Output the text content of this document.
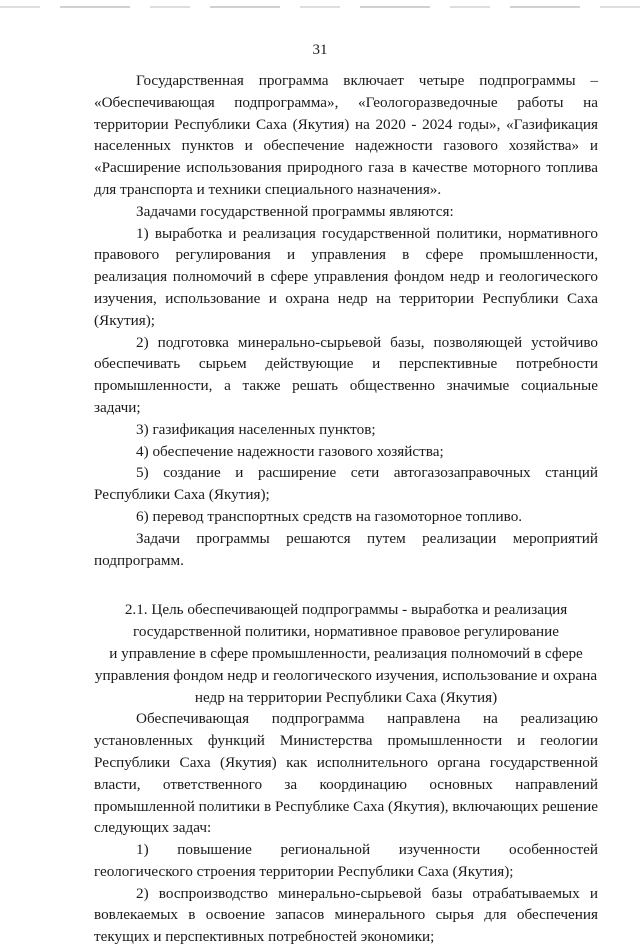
31

Государственная программа включает четыре подпрограммы – «Обеспечивающая подпрограмма», «Геологоразведочные работы на территории Республики Саха (Якутия) на 2020 - 2024 годы», «Газификация населенных пунктов и обеспечение надежности газового хозяйства» и «Расширение использования природного газа в качестве моторного топлива для транспорта и техники специального назначения».

Задачами государственной программы являются:

1) выработка и реализация государственной политики, нормативного правового регулирования и управления в сфере промышленности, реализация полномочий в сфере управления фондом недр и геологического изучения, использование и охрана недр на территории Республики Саха (Якутия);

2) подготовка минерально-сырьевой базы, позволяющей устойчиво обеспечивать сырьем действующие и перспективные потребности промышленности, а также решать общественно значимые социальные задачи;

3) газификация населенных пунктов;

4) обеспечение надежности газового хозяйства;

5) создание и расширение сети автогазозаправочных станций Республики Саха (Якутия);

6) перевод транспортных средств на газомоторное топливо.

Задачи программы решаются путем реализации мероприятий подпрограмм.

2.1. Цель обеспечивающей подпрограммы - выработка и реализация

государственной политики, нормативное правовое регулирование

и управление в сфере промышленности, реализация полномочий в сфере

управления фондом недр и геологического изучения, использование и охрана

недр на территории Республики Саха (Якутия)

Обеспечивающая подпрограмма направлена на реализацию установленных функций Министерства промышленности и геологии Республики Саха (Якутия) как исполнительного органа государственной власти, ответственного за координацию основных направлений промышленной политики в Республике Саха (Якутия), включающих решение следующих задач:

1) повышение региональной изученности особенностей геологического строения территории Республики Саха (Якутия);

2) воспроизводство минерально-сырьевой базы отрабатываемых и вовлекаемых в освоение запасов минерального сырья для обеспечения текущих и перспективных потребностей экономики;
